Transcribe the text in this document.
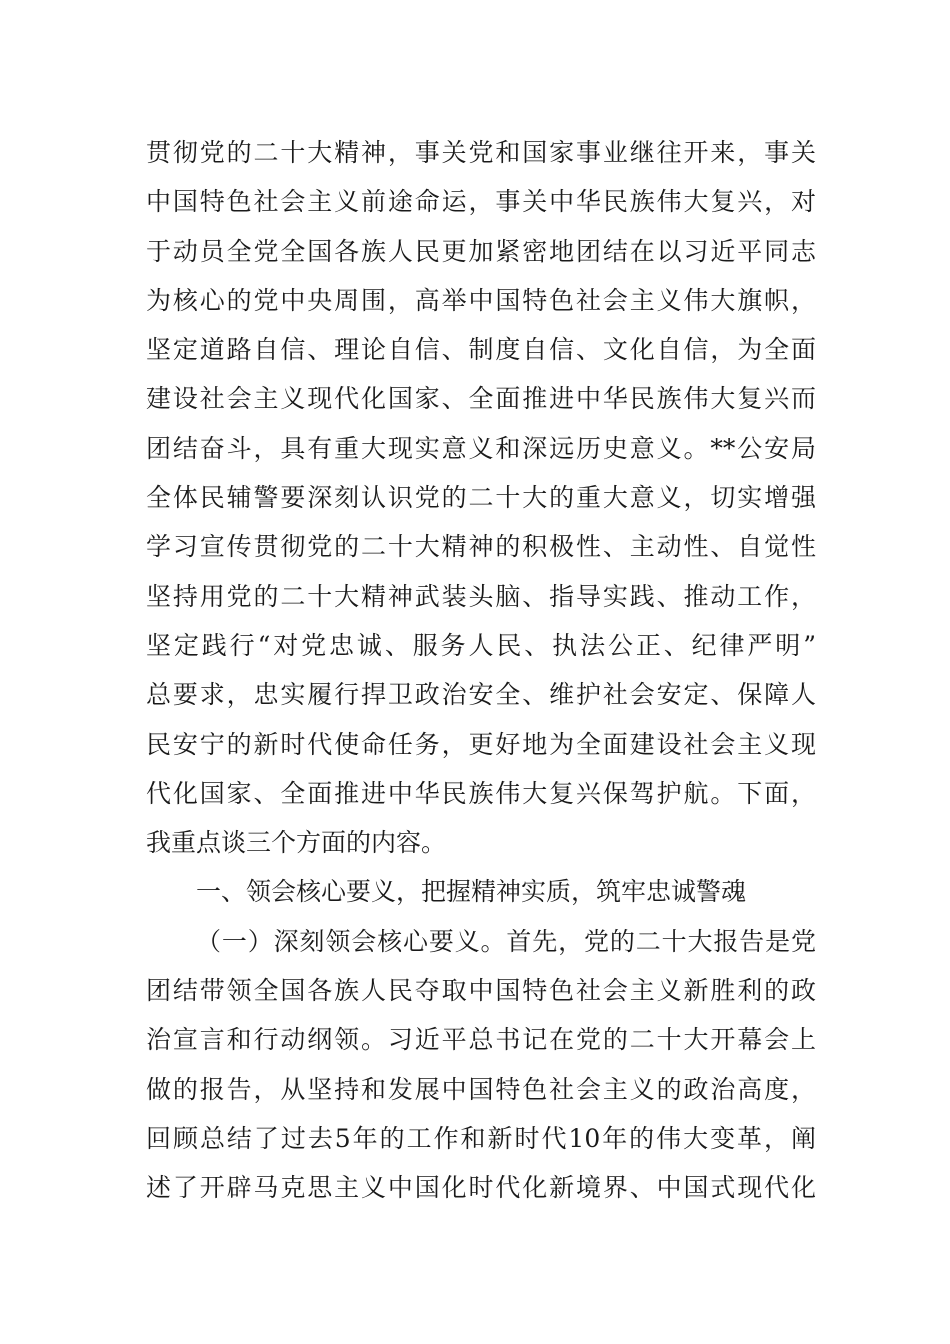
贯彻党的二十大精神，事关党和国家事业继往开来，事关
中国特色社会主义前途命运，事关中华民族伟大复兴，对
于动员全党全国各族人民更加紧密地团结在以习近平同志
为核心的党中央周围，高举中国特色社会主义伟大旗帜，
坚定道路自信、理论自信、制度自信、文化自信，为全面
建设社会主义现代化国家、全面推进中华民族伟大复兴而
团结奋斗，具有重大现实意义和深远历史意义。**公安局
全体民辅警要深刻认识党的二十大的重大意义，切实增强
学习宣传贯彻党的二十大精神的积极性、主动性、自觉性
坚持用党的二十大精神武装头脑、指导实践、推动工作，
坚定践行“对党忠诚、服务人民、执法公正、纪律严明”
总要求，忠实履行捍卫政治安全、维护社会安定、保障人
民安宁的新时代使命任务，更好地为全面建设社会主义现
代化国家、全面推进中华民族伟大复兴保驾护航。下面，
我重点谈三个方面的内容。
一、领会核心要义，把握精神实质，筑牢忠诚警魂
（一）深刻领会核心要义。首先，党的二十大报告是党
团结带领全国各族人民夺取中国特色社会主义新胜利的政
治宣言和行动纲领。习近平总书记在党的二十大开幕会上
做的报告，从坚持和发展中国特色社会主义的政治高度，
回顾总结了过去5年的工作和新时代10年的伟大变革，阐
述了开辟马克思主义中国化时代化新境界、中国式现代化
